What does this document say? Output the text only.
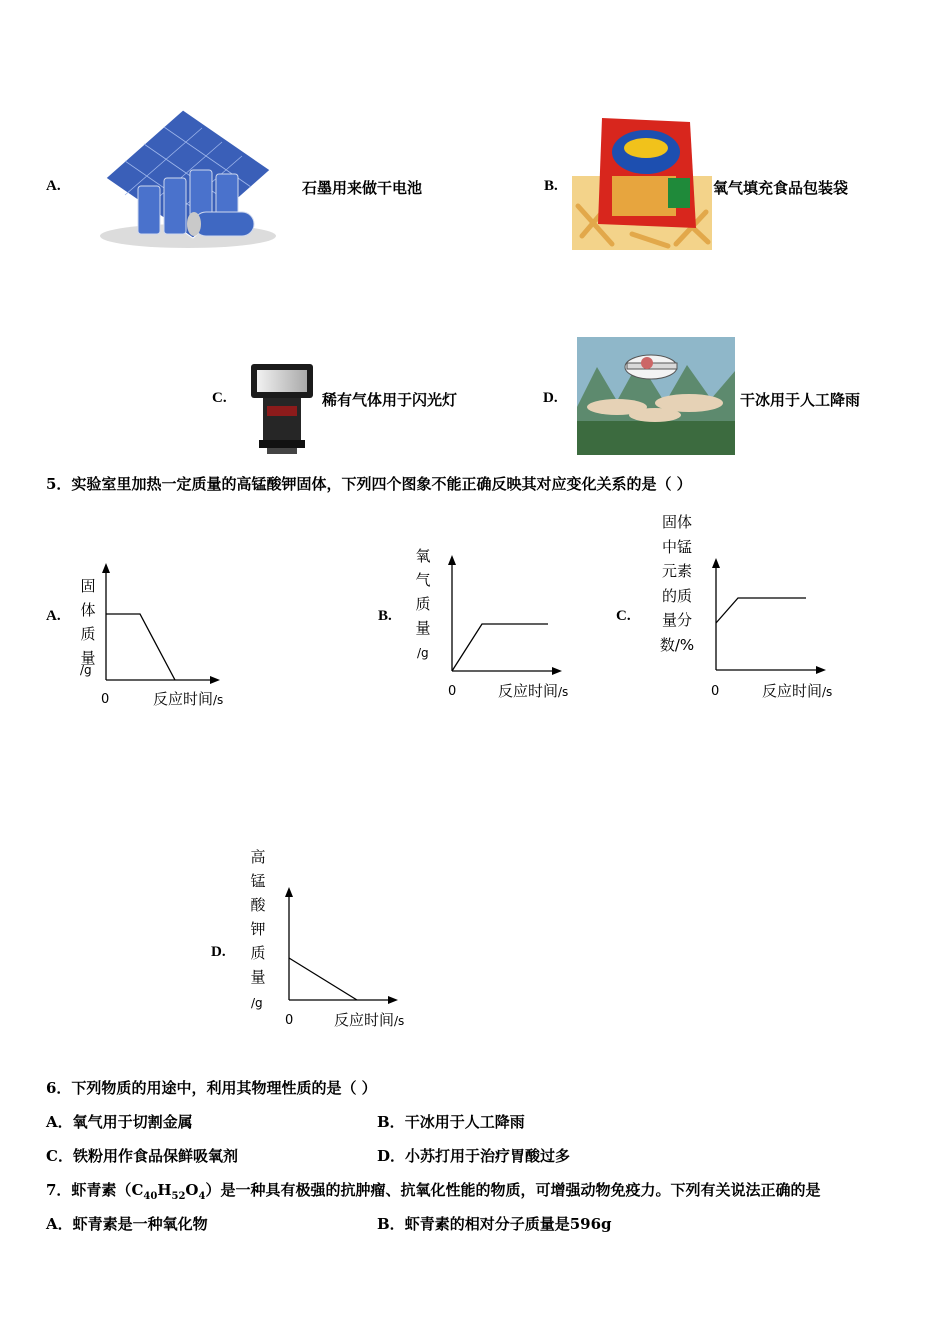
A.	石墨用来做干电池	B.	氧气填充食品包装袋
C.	稀有气体用于闪光灯	D.	干冰用于人工降雨
5．实验室里加热一定质量的高锰酸钾固体，下列四个图象不能正确反映其对应变化关系的是（ ）
A.
固
体
质
量
/g
0	反应时间/s
B.
氧
气
质
量
/g
0	反应时间/s
C.
固体
中锰
元素
的质
量分
数/%
0	反应时间/s
D.
高
锰
酸
钾
质
量
/g
0	反应时间/s
6．下列物质的用途中，利用其物理性质的是（ ）
A．氧气用于切割金属	B．干冰用于人工降雨
C．铁粉用作食品保鲜吸氧剂	D．小苏打用于治疗胃酸过多
7．虾青素$(C_{40}H_{52}O_4)$是一种具有极强的抗肿瘤、抗氧化性能的物质，可增强动物免疫力。下列有关说法正确的是
A．虾青素是一种氧化物	B．虾青素的相对分子质量是596g
